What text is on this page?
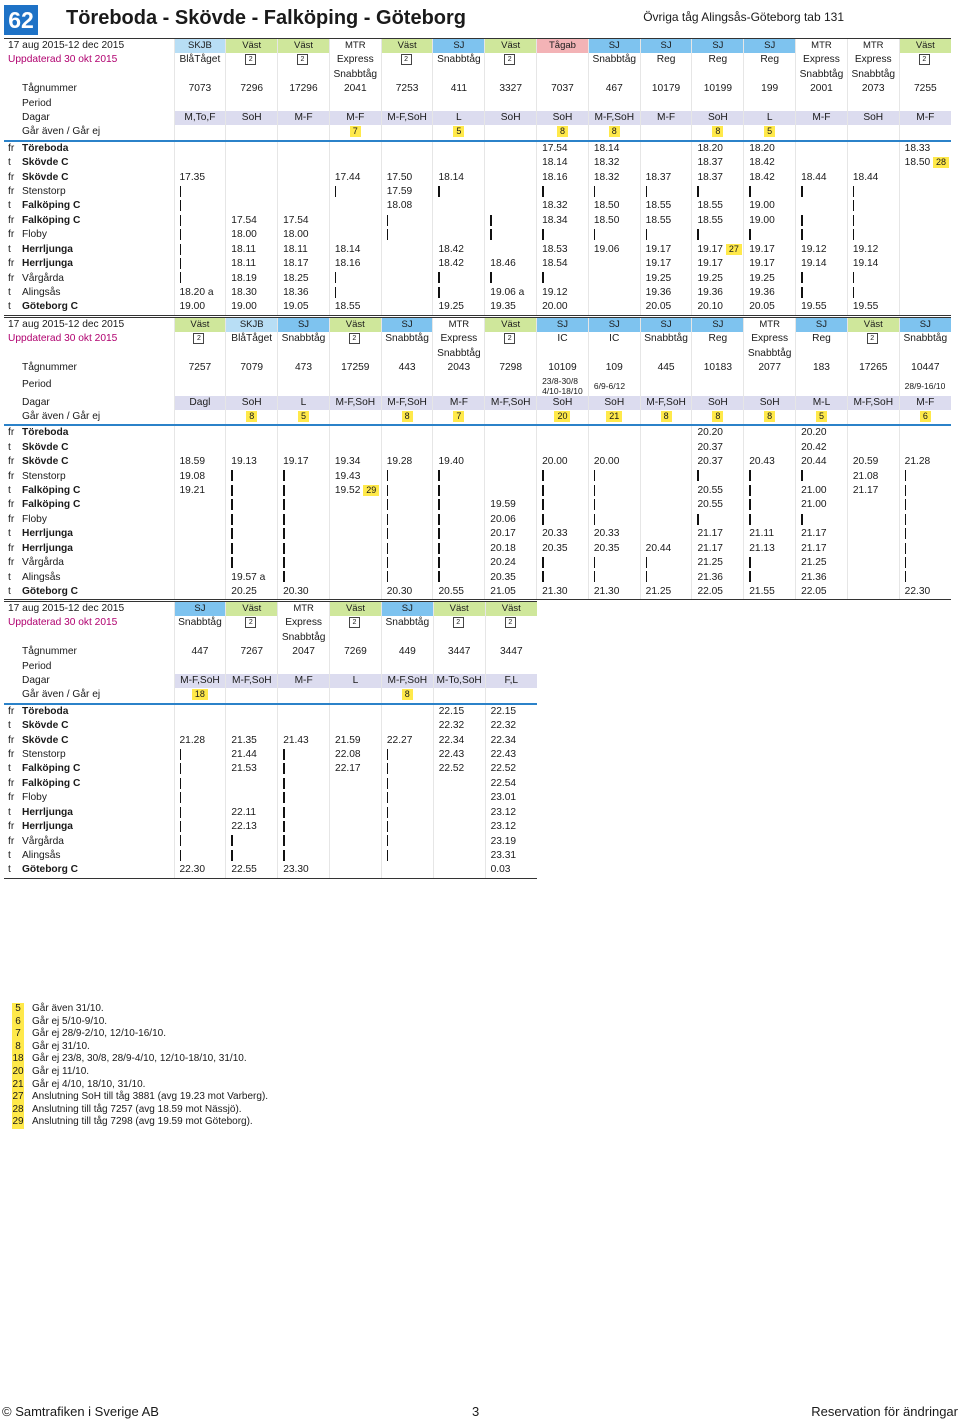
62 Töreboda - Skövde - Falköping - Göteborg	Övriga tåg Alingsås-Göteborg tab 131
17 aug 2015-12 dec 2015	SKJB	Väst	Väst	MTR	Väst	SJ	Väst	Tågab	SJ	SJ	SJ	SJ	MTR	MTR	Väst
Uppdaterad 30 okt 2015	BlåTåget	2	2	Express	2	Snabbtåg	2		Snabbtåg	Reg	Reg	Reg	Express	Express	2
				Snabbtåg									Snabbtåg	Snabbtåg	
Tågnummer	7073	7296	17296	2041	7253	411	3327	7037	467	10179	10199	199	2001	2073	7255
Period															
Dagar	M,To,F	SoH	M-F	M-F	M-F,SoH	L	SoH	SoH	M-F,SoH	M-F	SoH	L	M-F	SoH	M-F
Går även / Går ej				7		5		8	8		8	5			
fr Töreboda								17.54	18.14		18.20	18.20			18.33
t Skövde C								18.14	18.32		18.37	18.42			18.50 28
fr Skövde C	17.35			17.44	17.50	18.14		18.16	18.32	18.37	18.37	18.42	18.44	18.44	
fr Stenstorp					17.59										
t Falköping C					18.08			18.32	18.50	18.55	18.55	19.00			
fr Falköping C		17.54	17.54					18.34	18.50	18.55	18.55	19.00			
fr Floby		18.00	18.00												
t Herrljunga		18.11	18.11	18.14		18.42		18.53	19.06	19.17	19.17 27	19.17	19.12	19.12	
fr Herrljunga		18.11	18.17	18.16		18.42	18.46	18.54		19.17	19.17	19.17	19.14	19.14	
fr Vårgårda		18.19	18.25							19.25	19.25	19.25			
t Alingsås	18.20 a	18.30	18.36				19.06 a	19.12		19.36	19.36	19.36			
t Göteborg C	19.00	19.00	19.05	18.55		19.25	19.35	20.00		20.05	20.10	20.05	19.55	19.55	
17 aug 2015-12 dec 2015	Väst	SKJB	SJ	Väst	SJ	MTR	Väst	SJ	SJ	SJ	SJ	MTR	SJ	Väst	SJ
Uppdaterad 30 okt 2015	2	BlåTåget	Snabbtåg	2	Snabbtåg	Express	2	IC	IC	Snabbtåg	Reg	Express	Reg	2	Snabbtåg
						Snabbtåg						Snabbtåg			
Tågnummer	7257	7079	473	17259	443	2043	7298	10109	109	445	10183	2077	183	17265	10447
Period								23/8-30/8 4/10-18/10	6/9-6/12						28/9-16/10
Dagar	Dagl	SoH	L	M-F,SoH	M-F,SoH	M-F	M-F,SoH	SoH	SoH	M-F,SoH	SoH	SoH	M-L	M-F,SoH	M-F
Går även / Går ej		8	5		8	7		20	21	8	8	8	5		6
fr Töreboda											20.20		20.20		
t Skövde C											20.37		20.42		
fr Skövde C	18.59	19.13	19.17	19.34	19.28	19.40		20.00	20.00		20.37	20.43	20.44	20.59	21.28
fr Stenstorp	19.08			19.43										21.08	
t Falköping C	19.21			19.52 29							20.55		21.00	21.17	
fr Falköping C							19.59				20.55		21.00		
fr Floby							20.06								
t Herrljunga							20.17	20.33	20.33		21.17	21.11	21.17		
fr Herrljunga							20.18	20.35	20.35	20.44	21.17	21.13	21.17		
fr Vårgårda							20.24				21.25		21.25		
t Alingsås		19.57 a					20.35				21.36		21.36		
t Göteborg C		20.25	20.30		20.30	20.55	21.05	21.30	21.30	21.25	22.05	21.55	22.05		22.30
17 aug 2015-12 dec 2015	SJ	Väst	MTR	Väst	SJ	Väst	Väst
Uppdaterad 30 okt 2015	Snabbtåg	2	Express	2	Snabbtåg	2	2
			Snabbtåg				
Tågnummer	447	7267	2047	7269	449	3447	3447
Period							
Dagar	M-F,SoH	M-F,SoH	M-F	L	M-F,SoH	M-To,SoH	F,L
Går även / Går ej	18				8		
fr Töreboda						22.15	22.15
t Skövde C						22.32	22.32
fr Skövde C	21.28	21.35	21.43	21.59	22.27	22.34	22.34
fr Stenstorp		21.44		22.08		22.43	22.43
t Falköping C		21.53		22.17		22.52	22.52
fr Falköping C							22.54
fr Floby							23.01
t Herrljunga		22.11					23.12
fr Herrljunga		22.13					23.12
fr Vårgårda							23.19
t Alingsås							23.31
t Göteborg C	22.30	22.55	23.30				0.03
5 Går även 31/10.
6 Går ej 5/10-9/10.
7 Går ej 28/9-2/10, 12/10-16/10.
8 Går ej 31/10.
18 Går ej 23/8, 30/8, 28/9-4/10, 12/10-18/10, 31/10.
20 Går ej 11/10.
21 Går ej 4/10, 18/10, 31/10.
27 Anslutning SoH till tåg 3881 (avg 19.23 mot Varberg).
28 Anslutning till tåg 7257 (avg 18.59 mot Nässjö).
29 Anslutning till tåg 7298 (avg 19.59 mot Göteborg).
© Samtrafiken i Sverige AB	3	Reservation för ändringar
